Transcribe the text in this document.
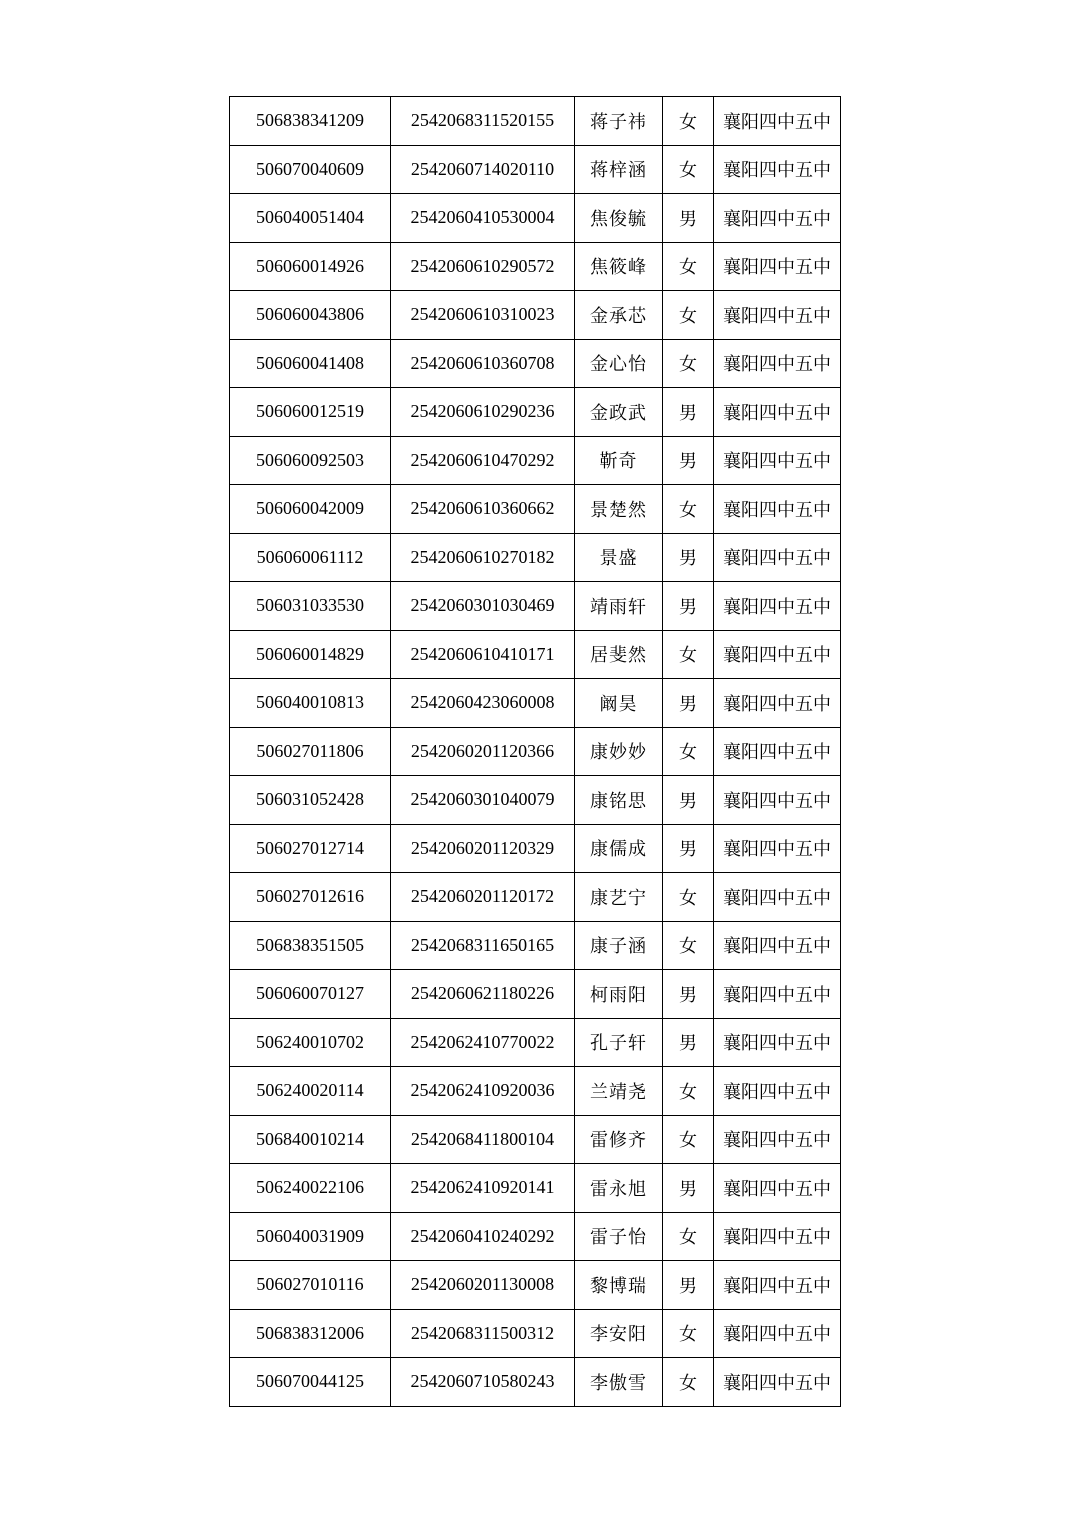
506838341209	2542068311520155	蒋子祎	女	襄阳四中五中
506070040609	2542060714020110	蒋梓涵	女	襄阳四中五中
506040051404	2542060410530004	焦俊毓	男	襄阳四中五中
506060014926	2542060610290572	焦筱峰	女	襄阳四中五中
506060043806	2542060610310023	金承芯	女	襄阳四中五中
506060041408	2542060610360708	金心怡	女	襄阳四中五中
506060012519	2542060610290236	金政武	男	襄阳四中五中
506060092503	2542060610470292	靳奇	男	襄阳四中五中
506060042009	2542060610360662	景楚然	女	襄阳四中五中
506060061112	2542060610270182	景盛	男	襄阳四中五中
506031033530	2542060301030469	靖雨轩	男	襄阳四中五中
506060014829	2542060610410171	居斐然	女	襄阳四中五中
506040010813	2542060423060008	阚昊	男	襄阳四中五中
506027011806	2542060201120366	康妙妙	女	襄阳四中五中
506031052428	2542060301040079	康铭思	男	襄阳四中五中
506027012714	2542060201120329	康儒成	男	襄阳四中五中
506027012616	2542060201120172	康艺宁	女	襄阳四中五中
506838351505	2542068311650165	康子涵	女	襄阳四中五中
506060070127	2542060621180226	柯雨阳	男	襄阳四中五中
506240010702	2542062410770022	孔子轩	男	襄阳四中五中
506240020114	2542062410920036	兰靖尧	女	襄阳四中五中
506840010214	2542068411800104	雷修齐	女	襄阳四中五中
506240022106	2542062410920141	雷永旭	男	襄阳四中五中
506040031909	2542060410240292	雷子怡	女	襄阳四中五中
506027010116	2542060201130008	黎博瑞	男	襄阳四中五中
506838312006	2542068311500312	李安阳	女	襄阳四中五中
506070044125	2542060710580243	李傲雪	女	襄阳四中五中
